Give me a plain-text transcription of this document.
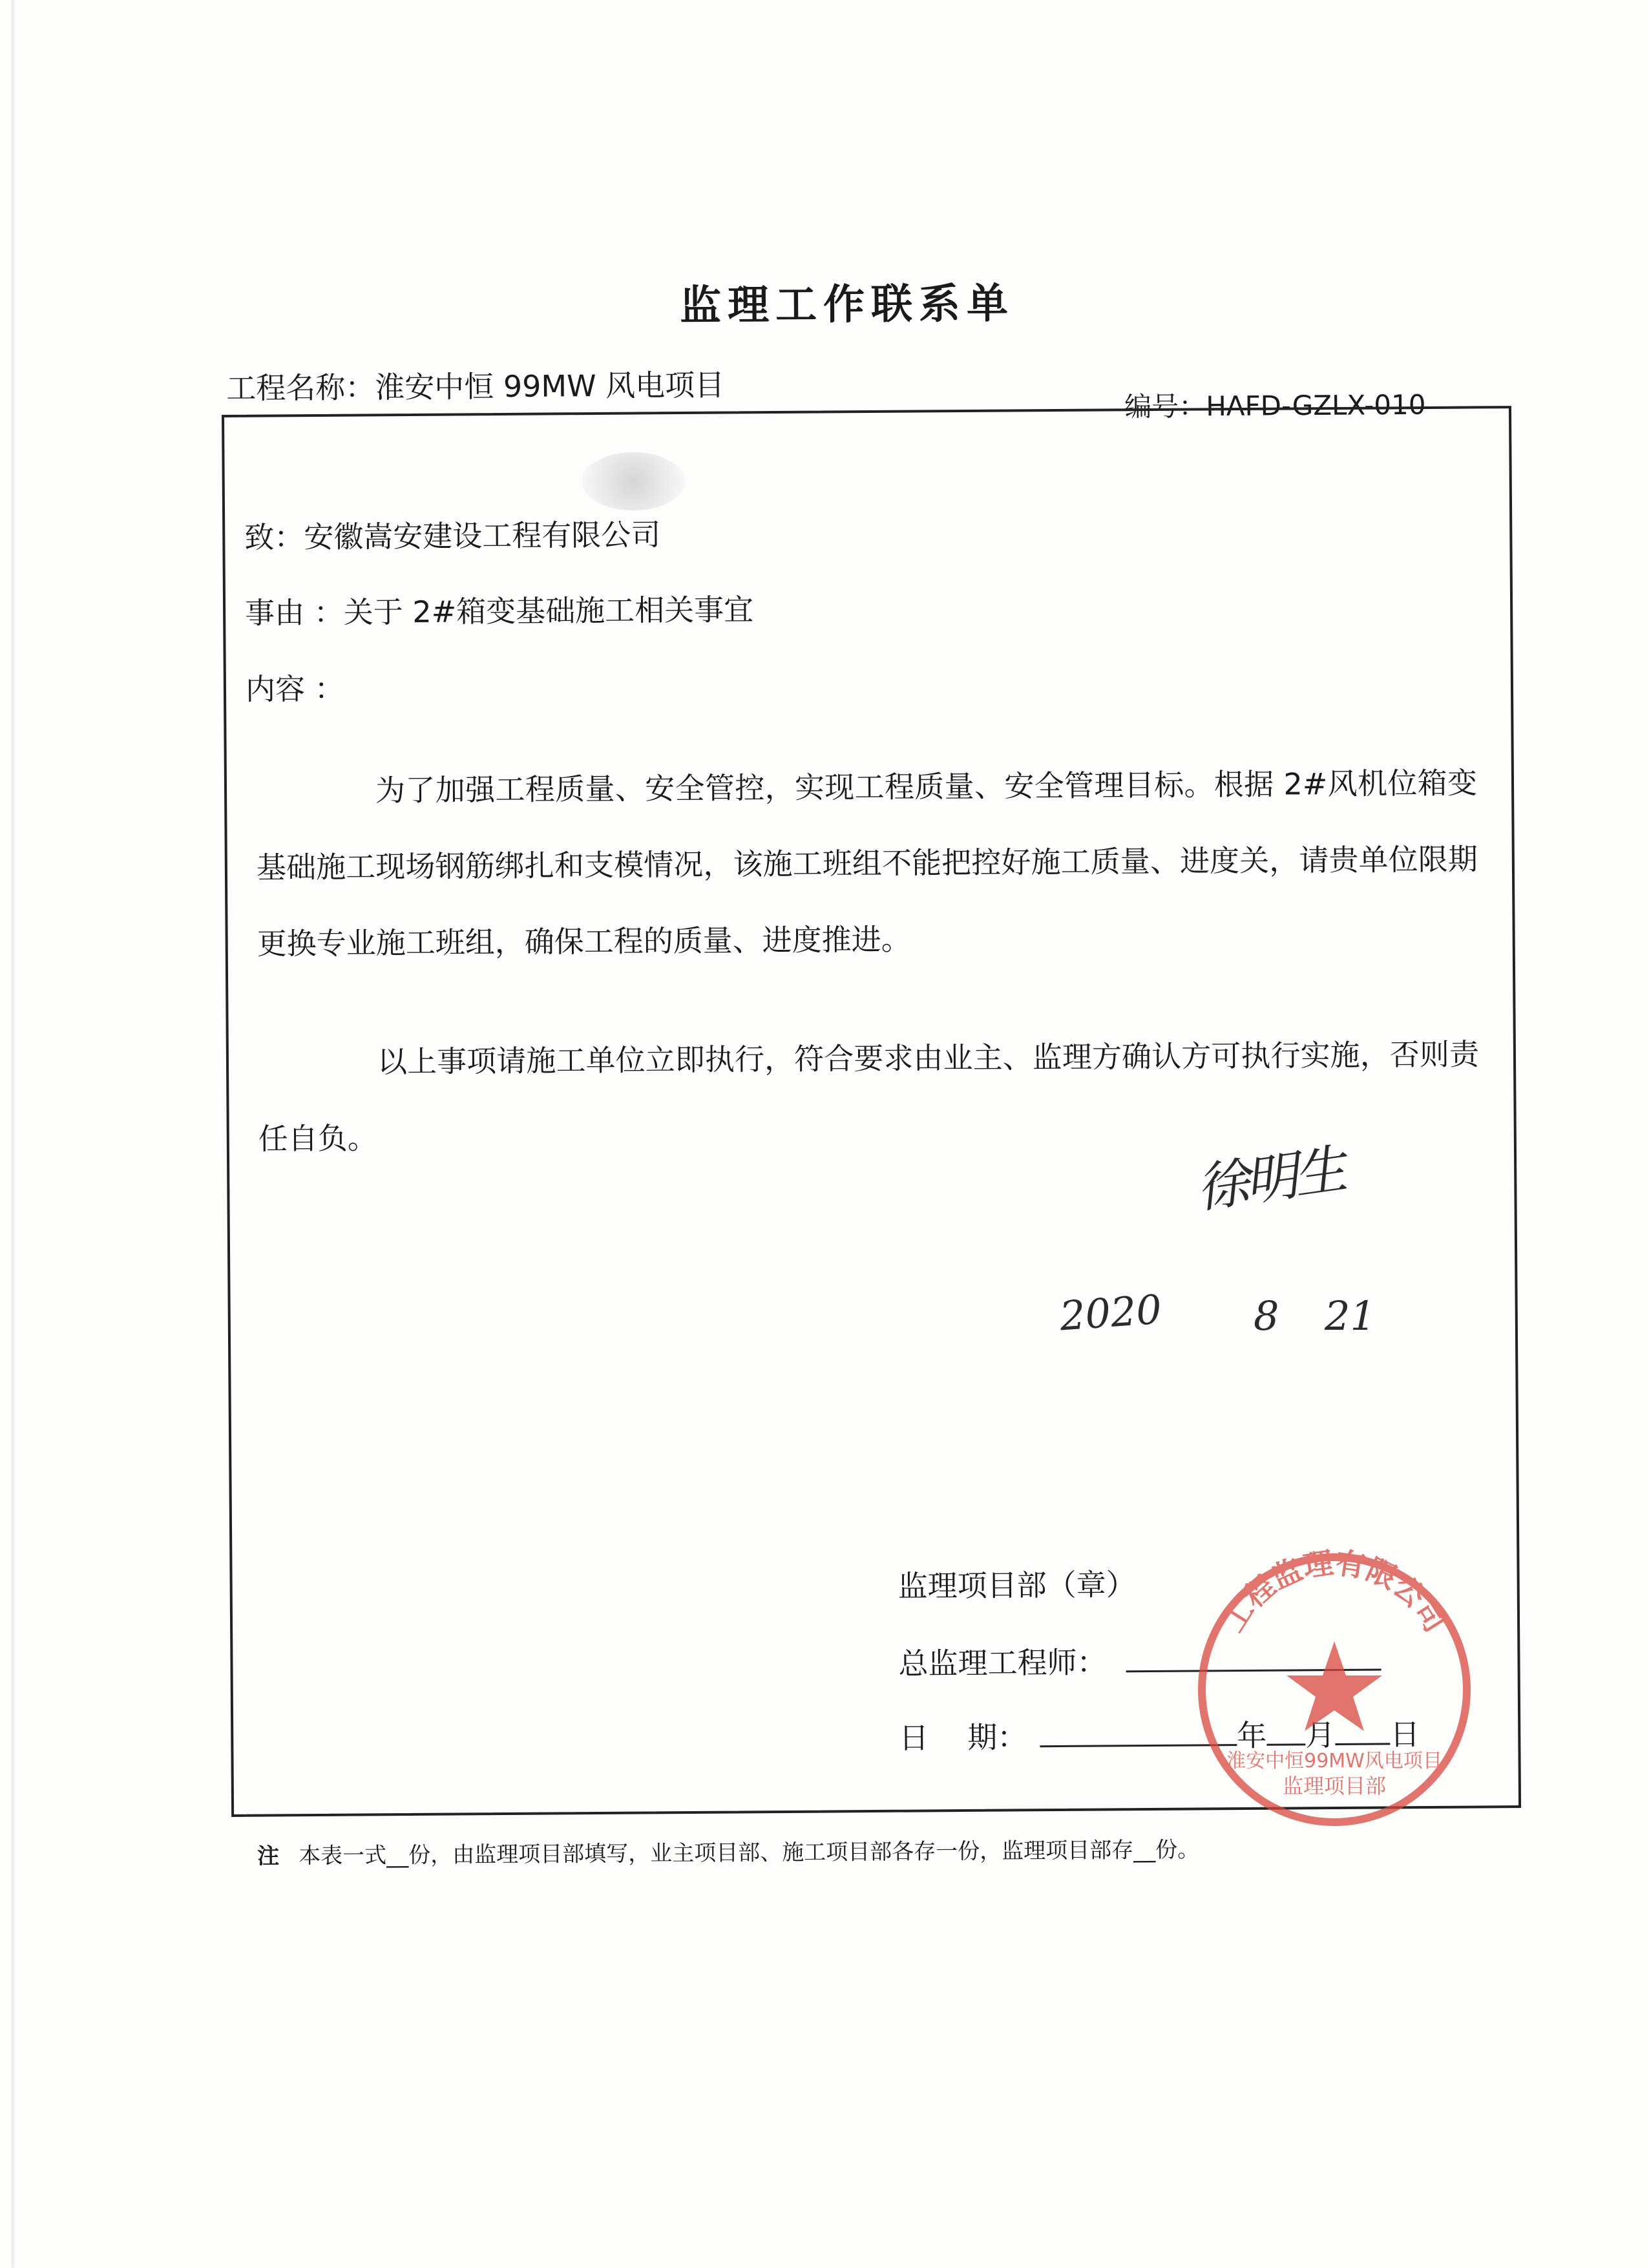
监理工作联系单
工程名称：淮安中恒 99MW 风电项目
编号：HAFD-GZLX-010
致：安徽嵩安建设工程有限公司
事由 ：关于 2#箱变基础施工相关事宜
内容 ：
为了加强工程质量、安全管控，实现工程质量、安全管理目标。根据 2#风机位箱变基础施工现场钢筋绑扎和支模情况，该施工班组不能把控好施工质量、进度关，请贵单位限期更换专业施工班组，确保工程的质量、进度推进。
以上事项请施工单位立即执行，符合要求由业主、监理方确认方可执行实施，否则责任自负。
监理项目部（章）
总监理工程师：
日期：	年 月 日
工程监理有限公司
淮安中恒99MW风电项目
监理项目部
徐明生
2020 8 21
注 本表一式__份，由监理项目部填写，业主项目部、施工项目部各存一份，监理项目部存__份。
